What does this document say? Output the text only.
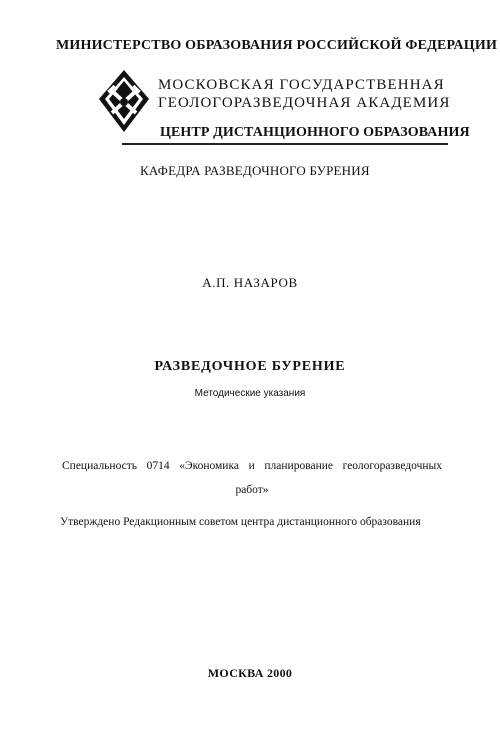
МИНИСТЕРСТВО ОБРАЗОВАНИЯ РОССИЙСКОЙ ФЕДЕРАЦИИ
МОСКОВСКАЯ ГОСУДАРСТВЕННАЯ
ГЕОЛОГОРАЗВЕДОЧНАЯ АКАДЕМИЯ
ЦЕНТР ДИСТАНЦИОННОГО ОБРАЗОВАНИЯ
КАФЕДРА РАЗВЕДОЧНОГО БУРЕНИЯ
А.П. НАЗАРОВ
РАЗВЕДОЧНОЕ БУРЕНИЕ
Методические указания
Специальность 0714 «Экономика и планирование геологоразведочных работ»
Утверждено Редакционным советом центра дистанционного образования
МОСКВА 2000
